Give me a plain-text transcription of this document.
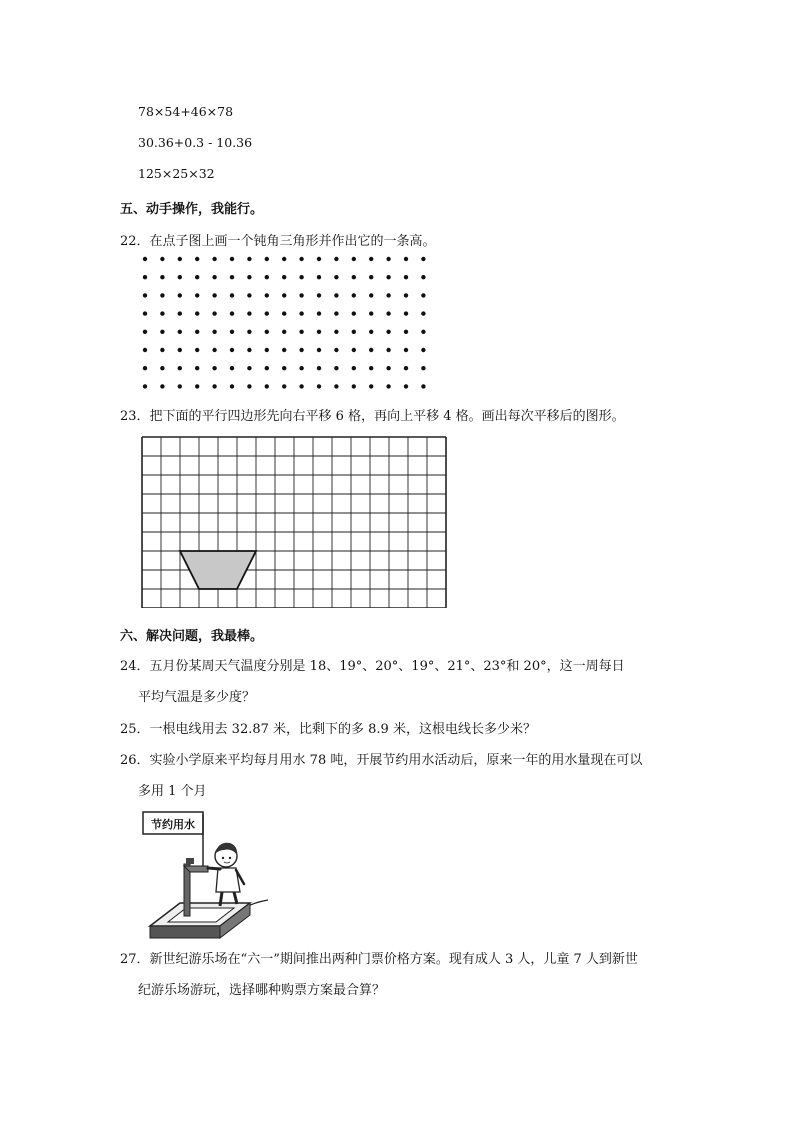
78×54+46×78
30.36+0.3 - 10.36
125×25×32
五、动手操作，我能行。
22．在点子图上画一个钝角三角形并作出它的一条高。
23．把下面的平行四边形先向右平移 6 格，再向上平移 4 格。画出每次平移后的图形。
六、解决问题，我最棒。
24．五月份某周天气温度分别是 18、19°、20°、19°、21°、23°和 20°，这一周每日
平均气温是多少度？
25．一根电线用去 32.87 米，比剩下的多 8.9 米，这根电线长多少米？
26．实验小学原来平均每月用水 78 吨，开展节约用水活动后，原来一年的用水量现在可以
多用 1 个月
节约用水
27．新世纪游乐场在“六一”期间推出两种门票价格方案。现有成人 3 人，儿童 7 人到新世
纪游乐场游玩，选择哪种购票方案最合算？
